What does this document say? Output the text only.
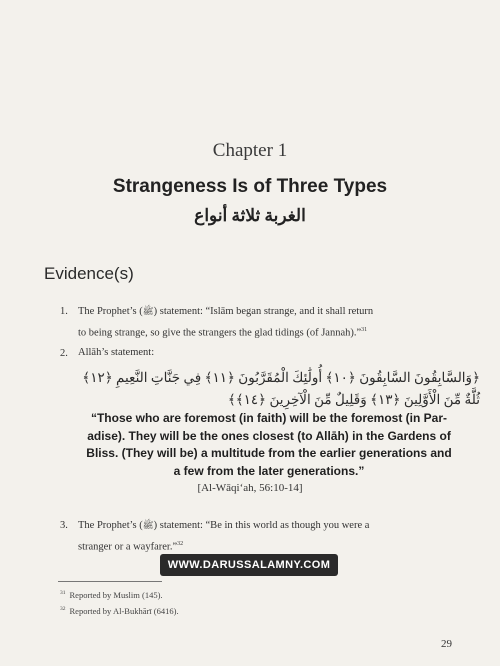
Chapter 1
Strangeness Is of Three Types
الغربة ثلاثة أنواع
Evidence(s)
1. The Prophet’s (ﷺ) statement: “Islām began strange, and it shall return
to being strange, so give the strangers the glad tidings (of Jannah).”$^{31}$
2. Allāh’s statement:
﴿وَالسَّابِقُونَ السَّابِقُونَ ﴿١٠﴾ أُولَٰئِكَ الْمُقَرَّبُونَ ﴿١١﴾ فِي جَنَّاتِ النَّعِيمِ ﴿١٢﴾
ثُلَّةٌ مِّنَ الْأَوَّلِينَ ﴿١٣﴾ وَقَلِيلٌ مِّنَ الْآخِرِينَ ﴿١٤﴾﴾
“Those who are foremost (in faith) will be the foremost (in Par-
adise). They will be the ones closest (to Allāh) in the Gardens of
Bliss. (They will be) a multitude from the earlier generations and
a few from the later generations.”
[Al-Wāqi‘ah, 56:10-14]
3. The Prophet’s (ﷺ) statement: “Be in this world as though you were a
stranger or a wayfarer.”$^{32}$
WWW.DARUSSALAMNY.COM
$^{31}$ Reported by Muslim (145).
$^{32}$ Reported by Al-Bukhārī (6416).
29
